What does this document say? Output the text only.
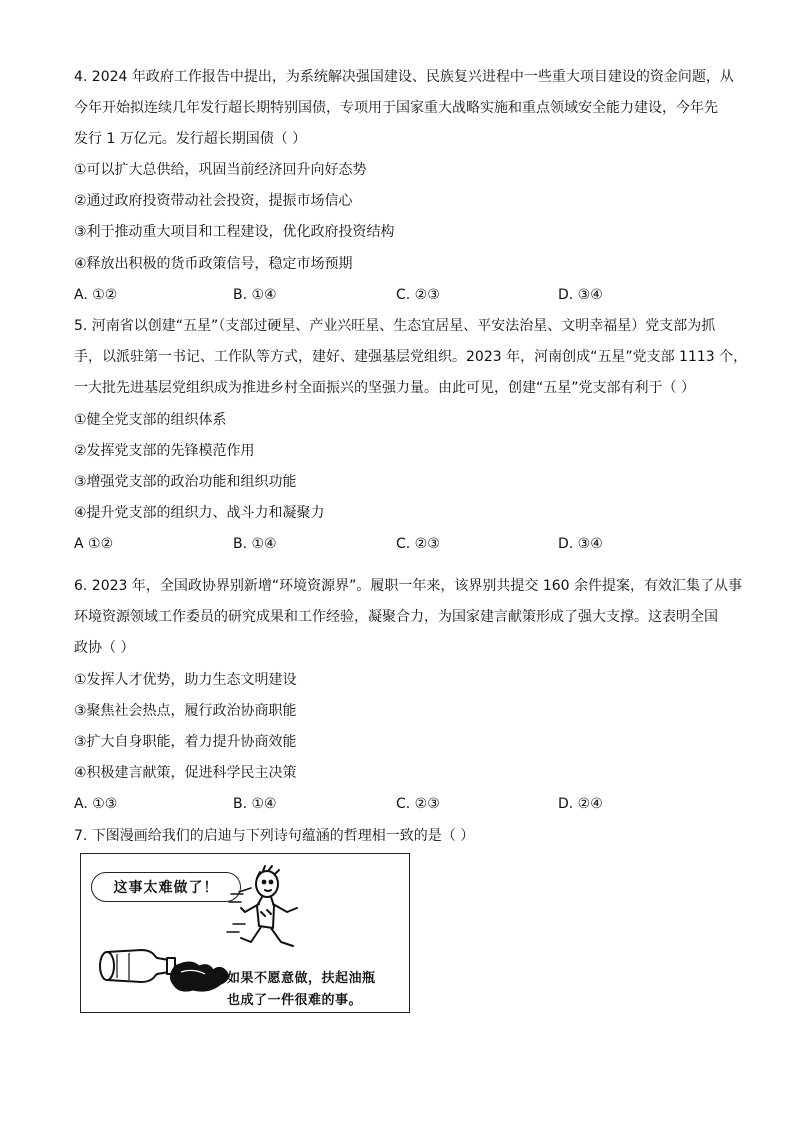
4. 2024 年政府工作报告中提出，为系统解决强国建设、民族复兴进程中一些重大项目建设的资金问题，从
今年开始拟连续几年发行超长期特别国债，专项用于国家重大战略实施和重点领域安全能力建设，今年先
发行 1 万亿元。发行超长期国债（ ）
①可以扩大总供给，巩固当前经济回升向好态势
②通过政府投资带动社会投资，提振市场信心
③利于推动重大项目和工程建设，优化政府投资结构
④释放出积极的货币政策信号，稳定市场预期
A. ①②	B. ①④	C. ②③	D. ③④
5. 河南省以创建“五星”（支部过硬星、产业兴旺星、生态宜居星、平安法治星、文明幸福星）党支部为抓
手，以派驻第一书记、工作队等方式，建好、建强基层党组织。2023 年，河南创成“五星”党支部 1113 个，
一大批先进基层党组织成为推进乡村全面振兴的坚强力量。由此可见，创建“五星”党支部有利于（ ）
①健全党支部的组织体系
②发挥党支部的先锋模范作用
③增强党支部的政治功能和组织功能
④提升党支部的组织力、战斗力和凝聚力
A ①②	B. ①④	C. ②③	D. ③④
6. 2023 年，全国政协界别新增“环境资源界”。履职一年来，该界别共提交 160 余件提案，有效汇集了从事
环境资源领域工作委员的研究成果和工作经验，凝聚合力，为国家建言献策形成了强大支撑。这表明全国
政协（ ）
①发挥人才优势，助力生态文明建设
③聚焦社会热点，履行政治协商职能
③扩大自身职能，着力提升协商效能
④积极建言献策，促进科学民主决策
A. ①③	B. ①④	C. ②③	D. ②④
7. 下图漫画给我们的启迪与下列诗句蕴涵的哲理相一致的是（ ）
这事太难做了！
如果不愿意做，扶起油瓶
也成了一件很难的事。
